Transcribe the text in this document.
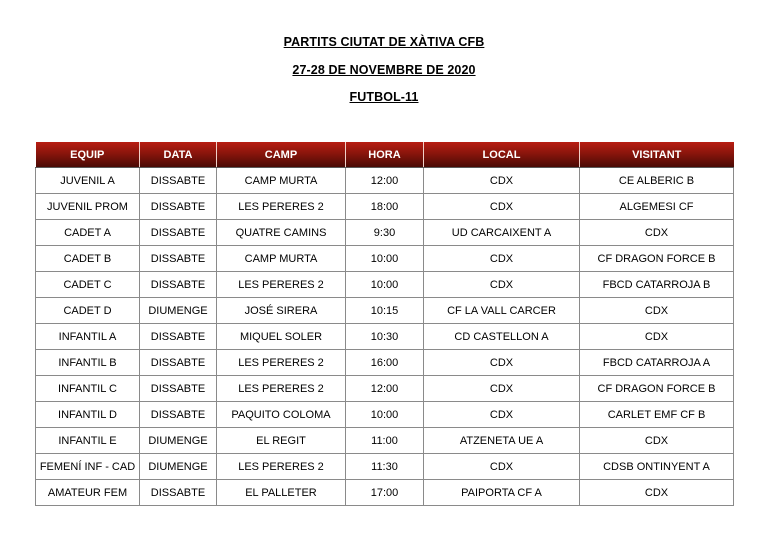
PARTITS CIUTAT DE XÀTIVA CFB
27-28 DE NOVEMBRE DE 2020
FUTBOL-11
EQUIP	DATA	CAMP	HORA	LOCAL	VISITANT
JUVENIL A	DISSABTE	CAMP MURTA	12:00	CDX	CE ALBERIC B
JUVENIL PROM	DISSABTE	LES PERERES 2	18:00	CDX	ALGEMESI CF
CADET A	DISSABTE	QUATRE CAMINS	9:30	UD CARCAIXENT A	CDX
CADET B	DISSABTE	CAMP MURTA	10:00	CDX	CF DRAGON FORCE B
CADET C	DISSABTE	LES PERERES 2	10:00	CDX	FBCD CATARROJA B
CADET D	DIUMENGE	JOSÉ SIRERA	10:15	CF LA VALL CARCER	CDX
INFANTIL A	DISSABTE	MIQUEL SOLER	10:30	CD CASTELLON A	CDX
INFANTIL B	DISSABTE	LES PERERES 2	16:00	CDX	FBCD CATARROJA A
INFANTIL C	DISSABTE	LES PERERES 2	12:00	CDX	CF DRAGON FORCE B
INFANTIL D	DISSABTE	PAQUITO COLOMA	10:00	CDX	CARLET EMF CF B
INFANTIL E	DIUMENGE	EL REGIT	11:00	ATZENETA UE A	CDX
FEMENÍ INF - CAD	DIUMENGE	LES PERERES 2	11:30	CDX	CDSB ONTINYENT A
AMATEUR FEM	DISSABTE	EL PALLETER	17:00	PAIPORTA CF A	CDX
